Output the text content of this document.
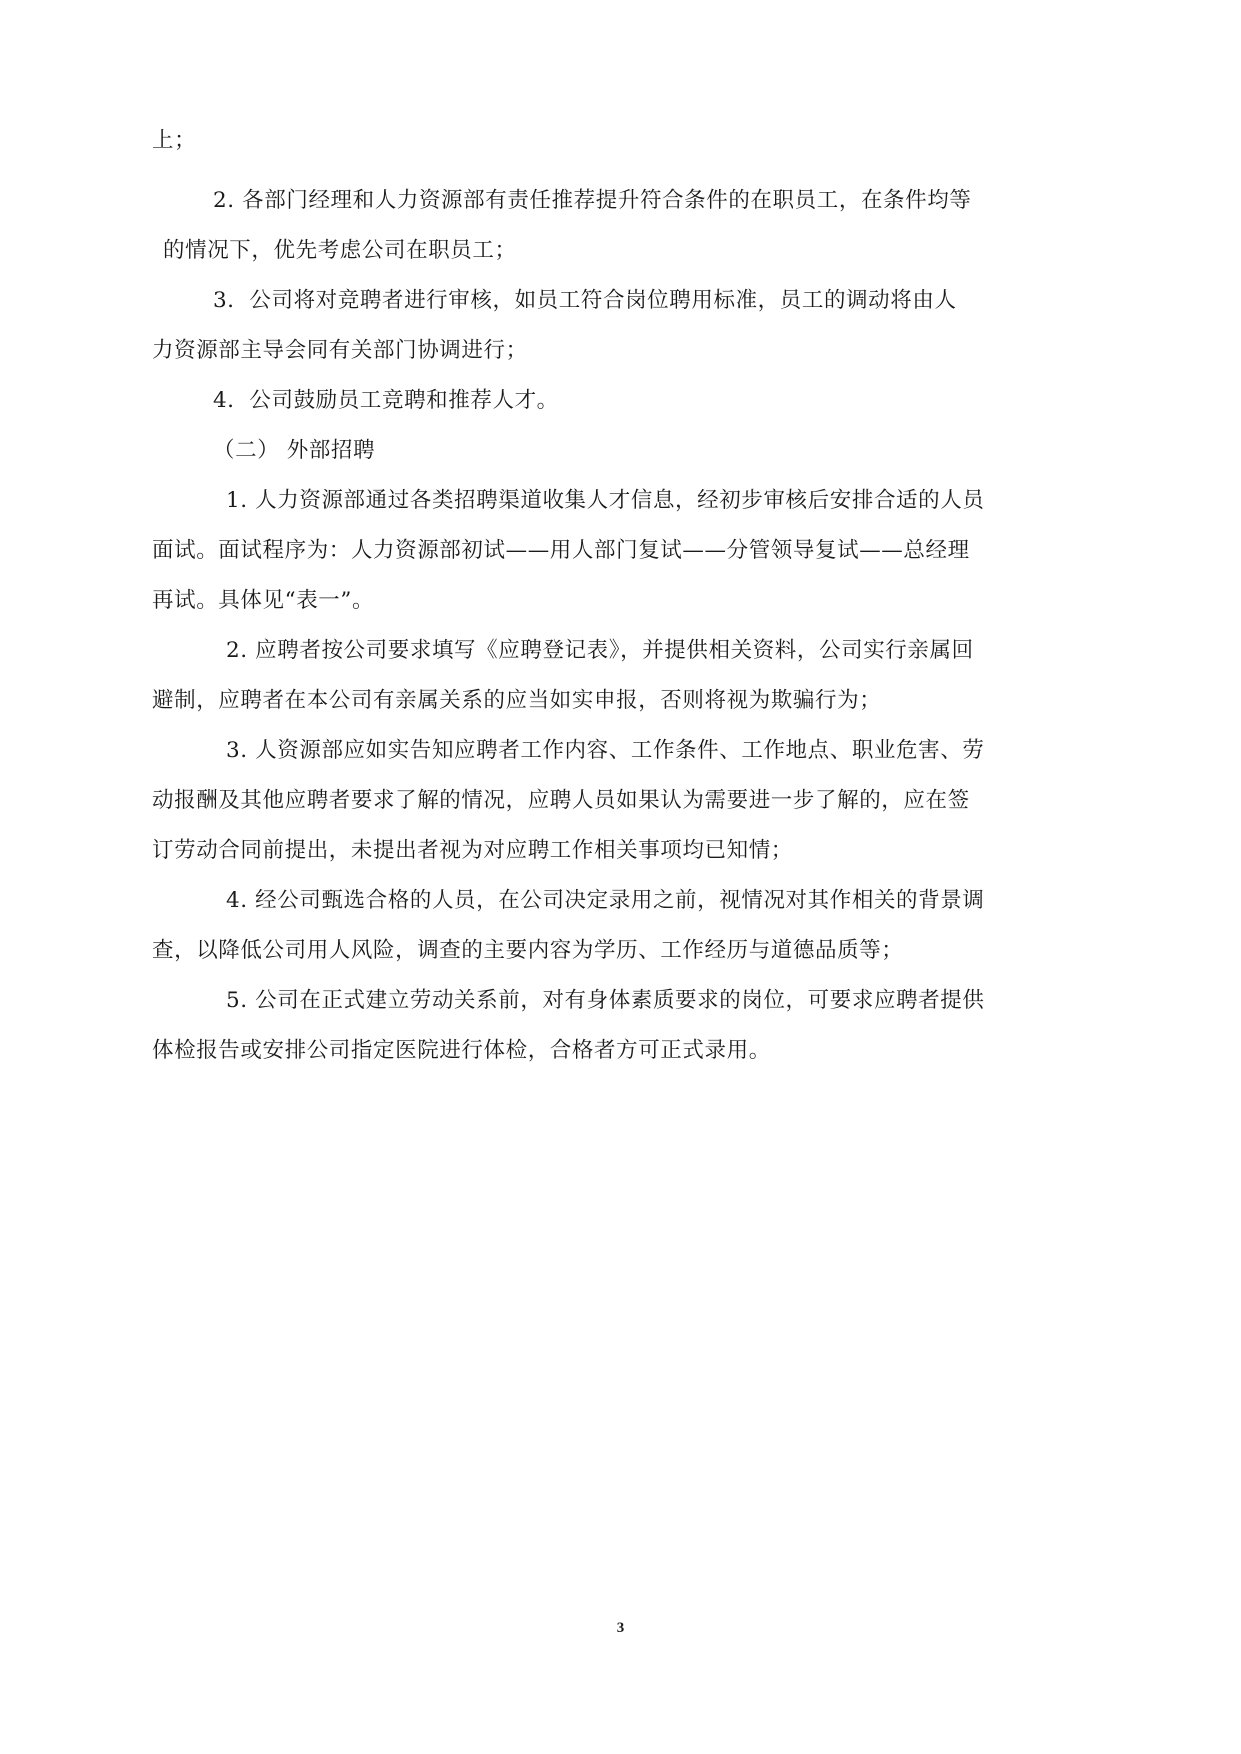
上；
2. 各部门经理和人力资源部有责任推荐提升符合条件的在职员工，在条件均等
的情况下，优先考虑公司在职员工；
3．公司将对竞聘者进行审核，如员工符合岗位聘用标准，员工的调动将由人
力资源部主导会同有关部门协调进行；
4．公司鼓励员工竞聘和推荐人才。
（二） 外部招聘
1. 人力资源部通过各类招聘渠道收集人才信息，经初步审核后安排合适的人员
面试。面试程序为：人力资源部初试——用人部门复试——分管领导复试——总经理
再试。具体见“表一”。
2. 应聘者按公司要求填写《应聘登记表》，并提供相关资料，公司实行亲属回
避制，应聘者在本公司有亲属关系的应当如实申报，否则将视为欺骗行为；
3. 人资源部应如实告知应聘者工作内容、工作条件、工作地点、职业危害、劳
动报酬及其他应聘者要求了解的情况，应聘人员如果认为需要进一步了解的，应在签
订劳动合同前提出，未提出者视为对应聘工作相关事项均已知情；
4. 经公司甄选合格的人员，在公司决定录用之前，视情况对其作相关的背景调
查，以降低公司用人风险，调查的主要内容为学历、工作经历与道德品质等；
5. 公司在正式建立劳动关系前，对有身体素质要求的岗位，可要求应聘者提供
体检报告或安排公司指定医院进行体检，合格者方可正式录用。
3
